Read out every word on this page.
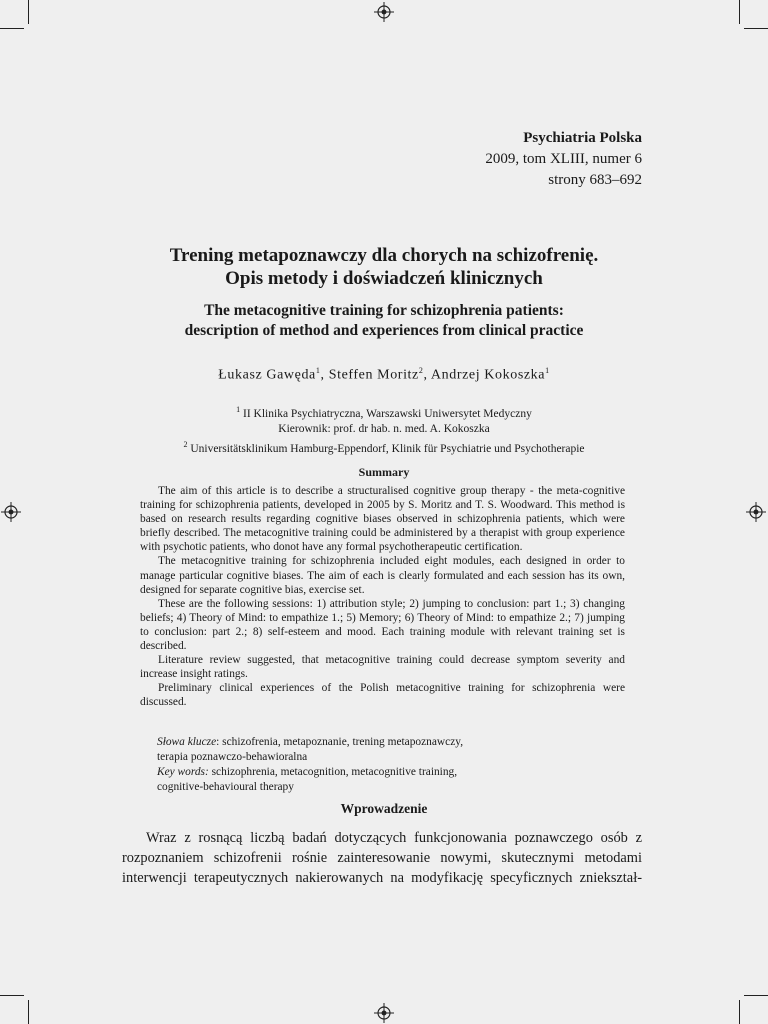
Psychiatria Polska
2009, tom XLIII, numer 6
strony 683–692
Trening metapoznawczy dla chorych na schizofrenię.
Opis metody i doświadczeń klinicznych
The metacognitive training for schizophrenia patients:
description of method and experiences from clinical practice
Łukasz Gawęda$^1$, Steffen Moritz$^2$, Andrzej Kokoszka$^1$
$^1$ II Klinika Psychiatryczna, Warszawski Uniwersytet Medyczny
Kierownik: prof. dr hab. n. med. A. Kokoszka
$^2$ Universitätsklinikum Hamburg-Eppendorf, Klinik für Psychiatrie und Psychotherapie
Summary

The aim of this article is to describe a structuralised cognitive group therapy - the meta-cognitive training for schizophrenia patients, developed in 2005 by S. Moritz and T. S. Woodward. This method is based on research results regarding cognitive biases observed in schizophrenia patients, which were briefly described. The metacognitive training could be administered by a therapist with group experience with psychotic patients, who donot have any formal psychotherapeutic certification.

The metacognitive training for schizophrenia included eight modules, each designed in order to manage particular cognitive biases. The aim of each is clearly formulated and each session has its own, designed for separate cognitive bias, exercise set.

These are the following sessions: 1) attribution style; 2) jumping to conclusion: part 1.; 3) changing beliefs; 4) Theory of Mind: to empathize 1.; 5) Memory; 6) Theory of Mind: to empathize 2.; 7) jumping to conclusion: part 2.; 8) self-esteem and mood. Each training module with relevant training set is described.

Literature review suggested, that metacognitive training could decrease symptom severity and increase insight ratings.

Preliminary clinical experiences of the Polish metacognitive training for schizophrenia were discussed.

Słowa klucze: schizofrenia, metapoznanie, trening metapoznawczy,
terapia poznawczo-behawioralna
Key words: schizophrenia, metacognition, metacognitive training,
cognitive-behavioural therapy
Wprowadzenie

Wraz z rosnącą liczbą badań dotyczących funkcjonowania poznawczego osób z rozpoznaniem schizofrenii rośnie zainteresowanie nowymi, skutecznymi metodami interwencji terapeutycznych nakierowanych na modyfikację specyficznych zniekształ-
